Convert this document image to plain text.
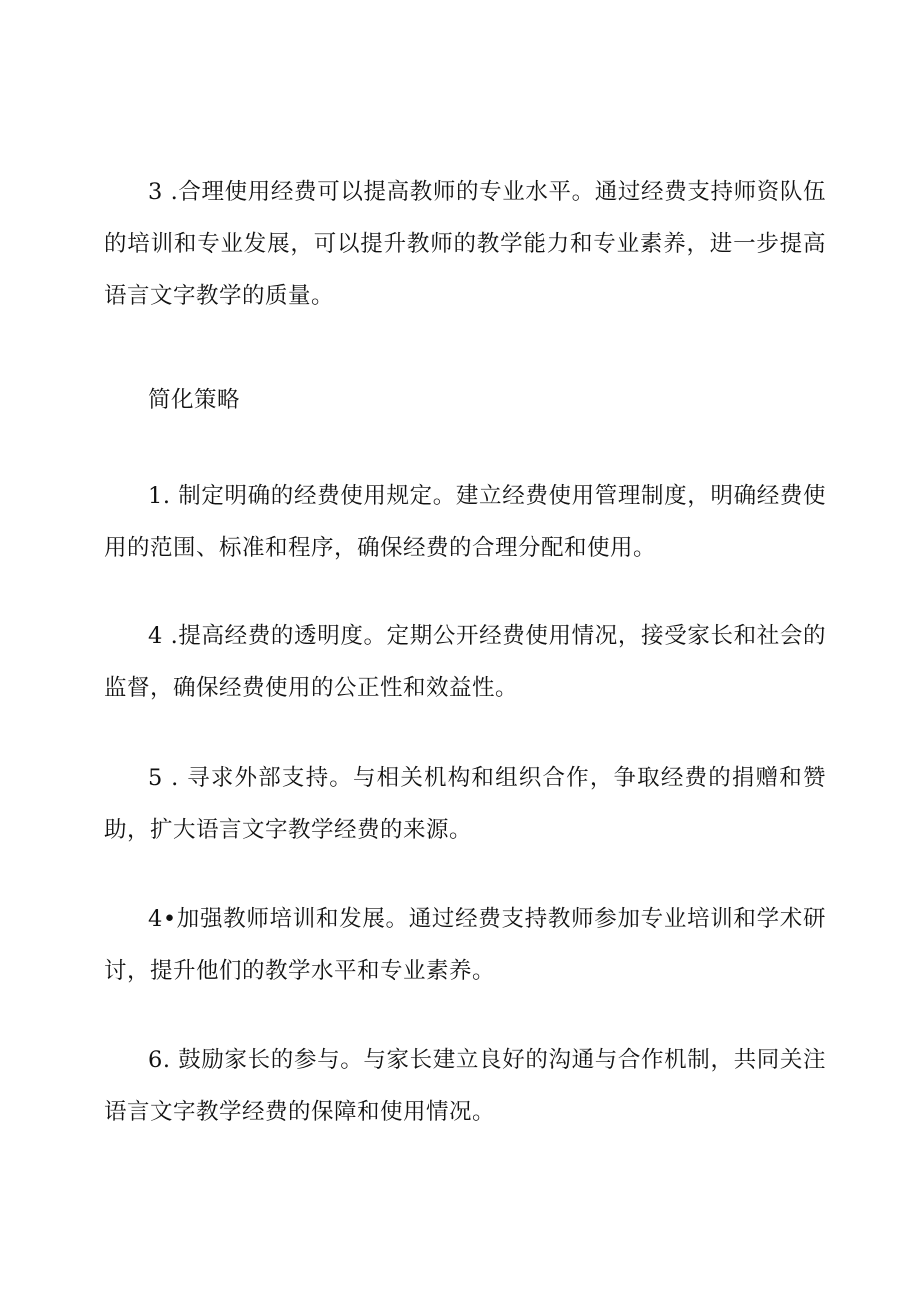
3 .合理使用经费可以提高教师的专业水平。通过经费支持师资队伍的培训和专业发展，可以提升教师的教学能力和专业素养，进一步提高语言文字教学的质量。

简化策略

1. 制定明确的经费使用规定。建立经费使用管理制度，明确经费使用的范围、标准和程序，确保经费的合理分配和使用。

4 .提高经费的透明度。定期公开经费使用情况，接受家长和社会的监督，确保经费使用的公正性和效益性。

5 . 寻求外部支持。与相关机构和组织合作，争取经费的捐赠和赞助，扩大语言文字教学经费的来源。

4•加强教师培训和发展。通过经费支持教师参加专业培训和学术研讨，提升他们的教学水平和专业素养。

6. 鼓励家长的参与。与家长建立良好的沟通与合作机制，共同关注语言文字教学经费的保障和使用情况。
